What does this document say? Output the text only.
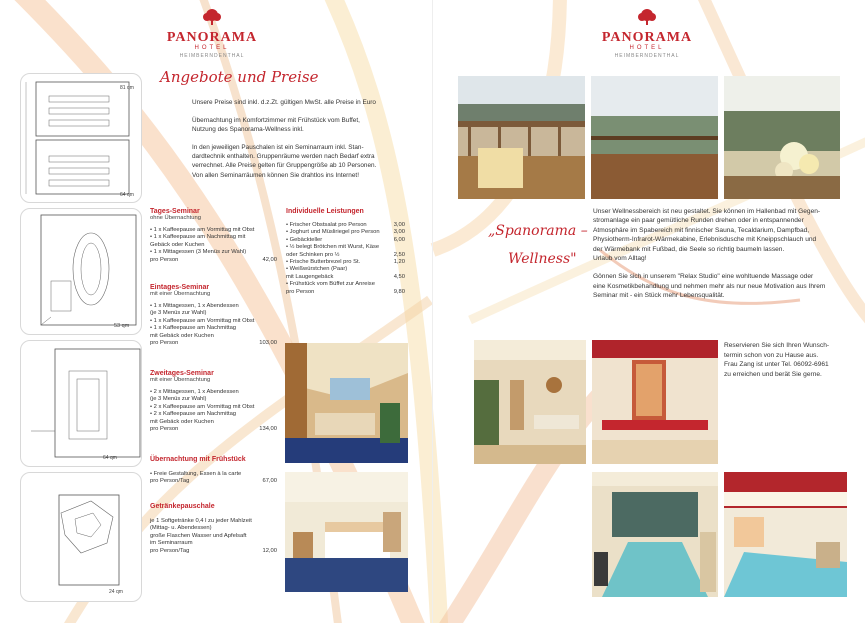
PANORAMA
HOTEL
HEIMBERNDENTHAL
PANORAMA
HOTEL
HEIMBERNDENTHAL
81 qm
64 qm
53 qm
64 qm
24 qm
Angebote und Preise
Unsere Preise sind inkl. d.z.Zt. gültigen MwSt. alle Preise in Euro
Übernachtung im Komfortzimmer mit Frühstück vom Buffet,
Nutzung des Spanorama-Wellness inkl.
In den jeweiligen Pauschalen ist ein Seminarraum inkl. Stan-
dardtechnik enthalten. Gruppenräume werden nach Bedarf extra
verrechnet. Alle Preise gelten für Gruppengröße ab 10 Personen.
Von allen Seminarräumen können Sie drahtlos ins Internet!
Tages-Seminar
ohne Übernachtung
• 1 x Kaffeepause am Vormittag mit Obst
• 1 x Kaffeepause am Nachmittag mit
Gebäck oder Kuchen
• 1 x Mittagessen (3 Menüs zur Wahl)
pro Person	42,00
Eintages-Seminar
mit einer Übernachtung
• 1 x Mittagessen, 1 x Abendessen
(je 3 Menüs zur Wahl)
• 1 x Kaffeepause am Vormittag mit Obst
• 1 x Kaffeepause am Nachmittag
mit Gebäck oder Kuchen
pro Person	103,00
Zweitages-Seminar
mit einer Übernachtung
• 2 x Mittagessen, 1 x Abendessen
(je 3 Menüs zur Wahl)
• 2 x Kaffeepause am Vormittag mit Obst
• 2 x Kaffeepause am Nachmittag
mit Gebäck oder Kuchen
pro Person	134,00
Übernachtung mit Frühstück
• Freie Gestaltung, Essen à la carte
pro Person/Tag	67,00
Getränkepauschale
je 1 Softgetränke 0,4 l zu jeder Mahlzeit
(Mittag- u. Abendessen)
große Flaschen Wasser und Apfelsaft
im Seminarraum
pro Person/Tag	12,00
Individuelle Leistungen
• Frischer Obstsalat pro Person	3,00
• Joghurt und Müsliriegel pro Person 3,00
• Gebäckteller	6,00
• ½ belegt Brötchen mit Wurst, Käse
oder Schinken pro ½	2,50
• Frische Butterbrezel pro St.	1,20
• Weißwürstchen (Paar)
mit Laugengebäck	4,50
• Frühstück vom Büffet zur Anreise
pro Person	9,80
„Spanorama –
Wellness"
Unser Wellnessbereich ist neu gestaltet. Sie können im Hallenbad mit Gegen-
stromanlage ein paar gemütliche Runden drehen oder in entspannender
Atmosphäre im Spabereich mit finnischer Sauna, Tecaldarium, Dampfbad,
Physiotherm-Infrarot-Wärmekabine, Erlebnisdusche mit Kneippschlauch und
der Wärmebank mit Fußbad, die Seele so richtig baumeln lassen.
Urlaub vom Alltag!
Gönnen Sie sich in unserem "Relax Studio" eine wohltuende Massage oder
eine Kosmetikbehandlung und nehmen mehr als nur neue Motivation aus Ihrem
Seminar mit - ein Stück mehr Lebensqualität.
Reservieren Sie sich Ihren Wunsch-
termin schon von zu Hause aus.
Frau Zang ist unter Tel. 06092-6961
zu erreichen und berät Sie gerne.
